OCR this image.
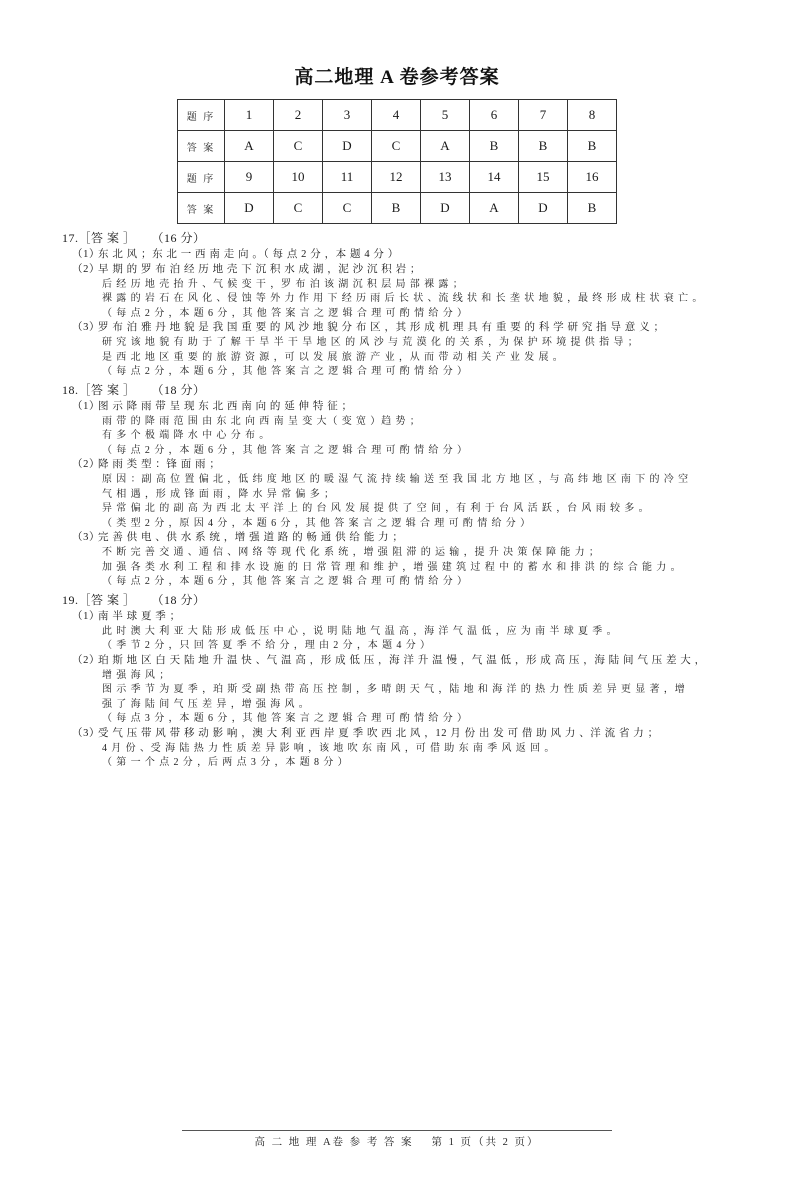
高二地理 A 卷参考答案
题 序	1	2	3	4	5	6	7	8
答 案	A	C	D	C	A	B	B	B
题 序	9	10	11	12	13	14	15	16
答 案	D	C	C	B	D	A	D	B
17.［答 案 ］ （16 分）
（1）东 北 风 ；东 北 一 西 南 走 向 。（ 每 点 2 分 ，本 题 4 分 ）
（2）早 期 的 罗 布 泊 经 历 地 壳 下 沉 积 水 成 湖 ，泥 沙 沉 积 岩 ；
后 经 历 地 壳 抬 升 、气 候 变 干 ，罗 布 泊 该 湖 沉 积 层 局 部 裸 露 ；
裸 露 的 岩 石 在 风 化 、侵 蚀 等 外 力 作 用 下 经 历 雨 后 长 状 、流 线 状 和 长 垄 状 地 貌 ，最 终 形 成 柱 状 衰 亡 。
（ 每 点 2 分 ，本 题 6 分 ，其 他 答 案 言 之 逻 辑 合 理 可 酌 情 给 分 ）
（3）罗 布 泊 雅 丹 地 貌 是 我 国 重 要 的 风 沙 地 貌 分 布 区 ，其 形 成 机 理 具 有 重 要 的 科 学 研 究 指 导 意 义 ；
研 究 该 地 貌 有 助 于 了 解 干 旱 半 干 旱 地 区 的 风 沙 与 荒 漠 化 的 关 系 ，为 保 护 环 境 提 供 指 导 ；
是 西 北 地 区 重 要 的 旅 游 资 源 ，可 以 发 展 旅 游 产 业 ，从 而 带 动 相 关 产 业 发 展 。
（ 每 点 2 分 ，本 题 6 分 ，其 他 答 案 言 之 逻 辑 合 理 可 酌 情 给 分 ）
18.［答 案 ］ （18 分）
（1）图 示 降 雨 带 呈 现 东 北 西 南 向 的 延 伸 特 征 ；
雨 带 的 降 雨 范 围 由 东 北 向 西 南 呈 变 大（ 变 宽 ）趋 势 ；
有 多 个 极 端 降 水 中 心 分 布 。
（ 每 点 2 分 ，本 题 6 分 ，其 他 答 案 言 之 逻 辑 合 理 可 酌 情 给 分 ）
（2）降 雨 类 型 ：锋 面 雨 ；
原 因 ：副 高 位 置 偏 北 ，低 纬 度 地 区 的 暖 湿 气 流 持 续 输 送 至 我 国 北 方 地 区 ，与 高 纬 地 区 南 下 的 冷 空
气 相 遇 ，形 成 锋 面 雨 ，降 水 异 常 偏 多 ；
异 常 偏 北 的 副 高 为 西 北 太 平 洋 上 的 台 风 发 展 提 供 了 空 间 ，有 利 于 台 风 活 跃 ，台 风 雨 较 多 。
（ 类 型 2 分 ，原 因 4 分 ，本 题 6 分 ，其 他 答 案 言 之 逻 辑 合 理 可 酌 情 给 分 ）
（3）完 善 供 电 、供 水 系 统 ，增 强 道 路 的 畅 通 供 给 能 力 ；
不 断 完 善 交 通 、通 信 、网 络 等 现 代 化 系 统 ，增 强 阻 滞 的 运 输 ，提 升 决 策 保 障 能 力 ；
加 强 各 类 水 利 工 程 和 排 水 设 施 的 日 常 管 理 和 维 护 ，增 强 建 筑 过 程 中 的 蓄 水 和 排 洪 的 综 合 能 力 。
（ 每 点 2 分 ，本 题 6 分 ，其 他 答 案 言 之 逻 辑 合 理 可 酌 情 给 分 ）
19.［答 案 ］ （18 分）
（1）南 半 球 夏 季 ；
此 时 澳 大 利 亚 大 陆 形 成 低 压 中 心 ，说 明 陆 地 气 温 高 ，海 洋 气 温 低 ，应 为 南 半 球 夏 季 。
（ 季 节 2 分 ，只 回 答 夏 季 不 给 分 ，理 由 2 分 ，本 题 4 分 ）
（2）珀 斯 地 区 白 天 陆 地 升 温 快 、气 温 高 ，形 成 低 压 ，海 洋 升 温 慢 ，气 温 低 ，形 成 高 压 ，海 陆 间 气 压 差 大 ，
增 强 海 风 ；
图 示 季 节 为 夏 季 ，珀 斯 受 副 热 带 高 压 控 制 ，多 晴 朗 天 气 ，陆 地 和 海 洋 的 热 力 性 质 差 异 更 显 著 ，增
强 了 海 陆 间 气 压 差 异 ，增 强 海 风 。
（ 每 点 3 分 ，本 题 6 分 ，其 他 答 案 言 之 逻 辑 合 理 可 酌 情 给 分 ）
（3）受 气 压 带 风 带 移 动 影 响 ，澳 大 利 亚 西 岸 夏 季 吹 西 北 风 ，12 月 份 出 发 可 借 助 风 力 、洋 流 省 力 ；
4 月 份 、受 海 陆 热 力 性 质 差 异 影 响 ，该 地 吹 东 南 风 ，可 借 助 东 南 季 风 返 回 。
（ 第 一 个 点 2 分 ，后 两 点 3 分 ，本 题 8 分 ）
高 二 地 理 A卷 参 考 答 案 第 1 页（共 2 页）
